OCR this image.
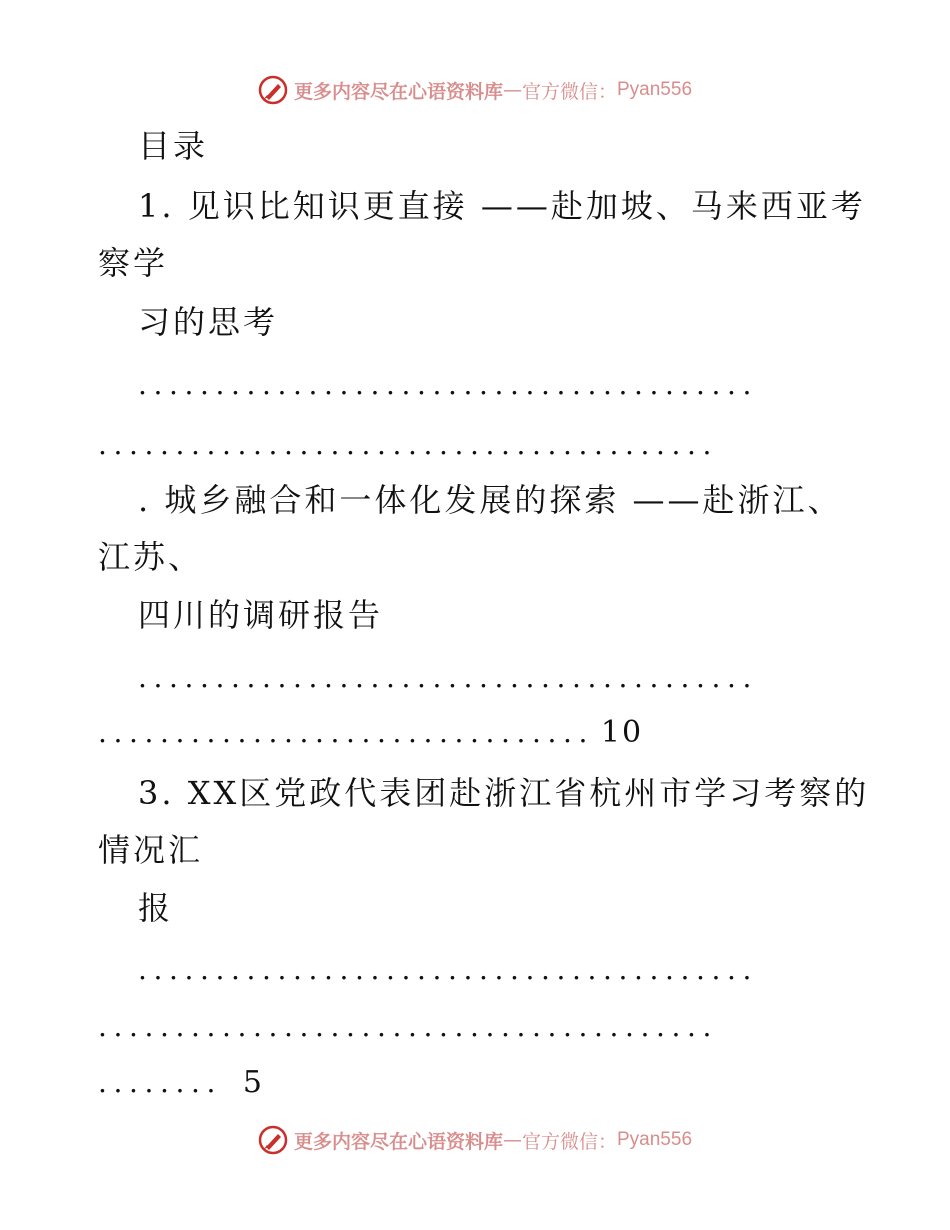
更多内容尽在心语资料库 — 官方微信： Pyan556
目录
1. 见识比知识更直接 ——赴加坡、马来西亚考
察学
习的思考
........................................
........................................
. 城乡融合和一体化发展的探索 ——赴浙江、
江苏、
四川的调研报告
........................................
................................ 10
3. XX区党政代表团赴浙江省杭州市学习考察的
情况汇
报
........................................
........................................
........ 5
更多内容尽在心语资料库 — 官方微信： Pyan556
